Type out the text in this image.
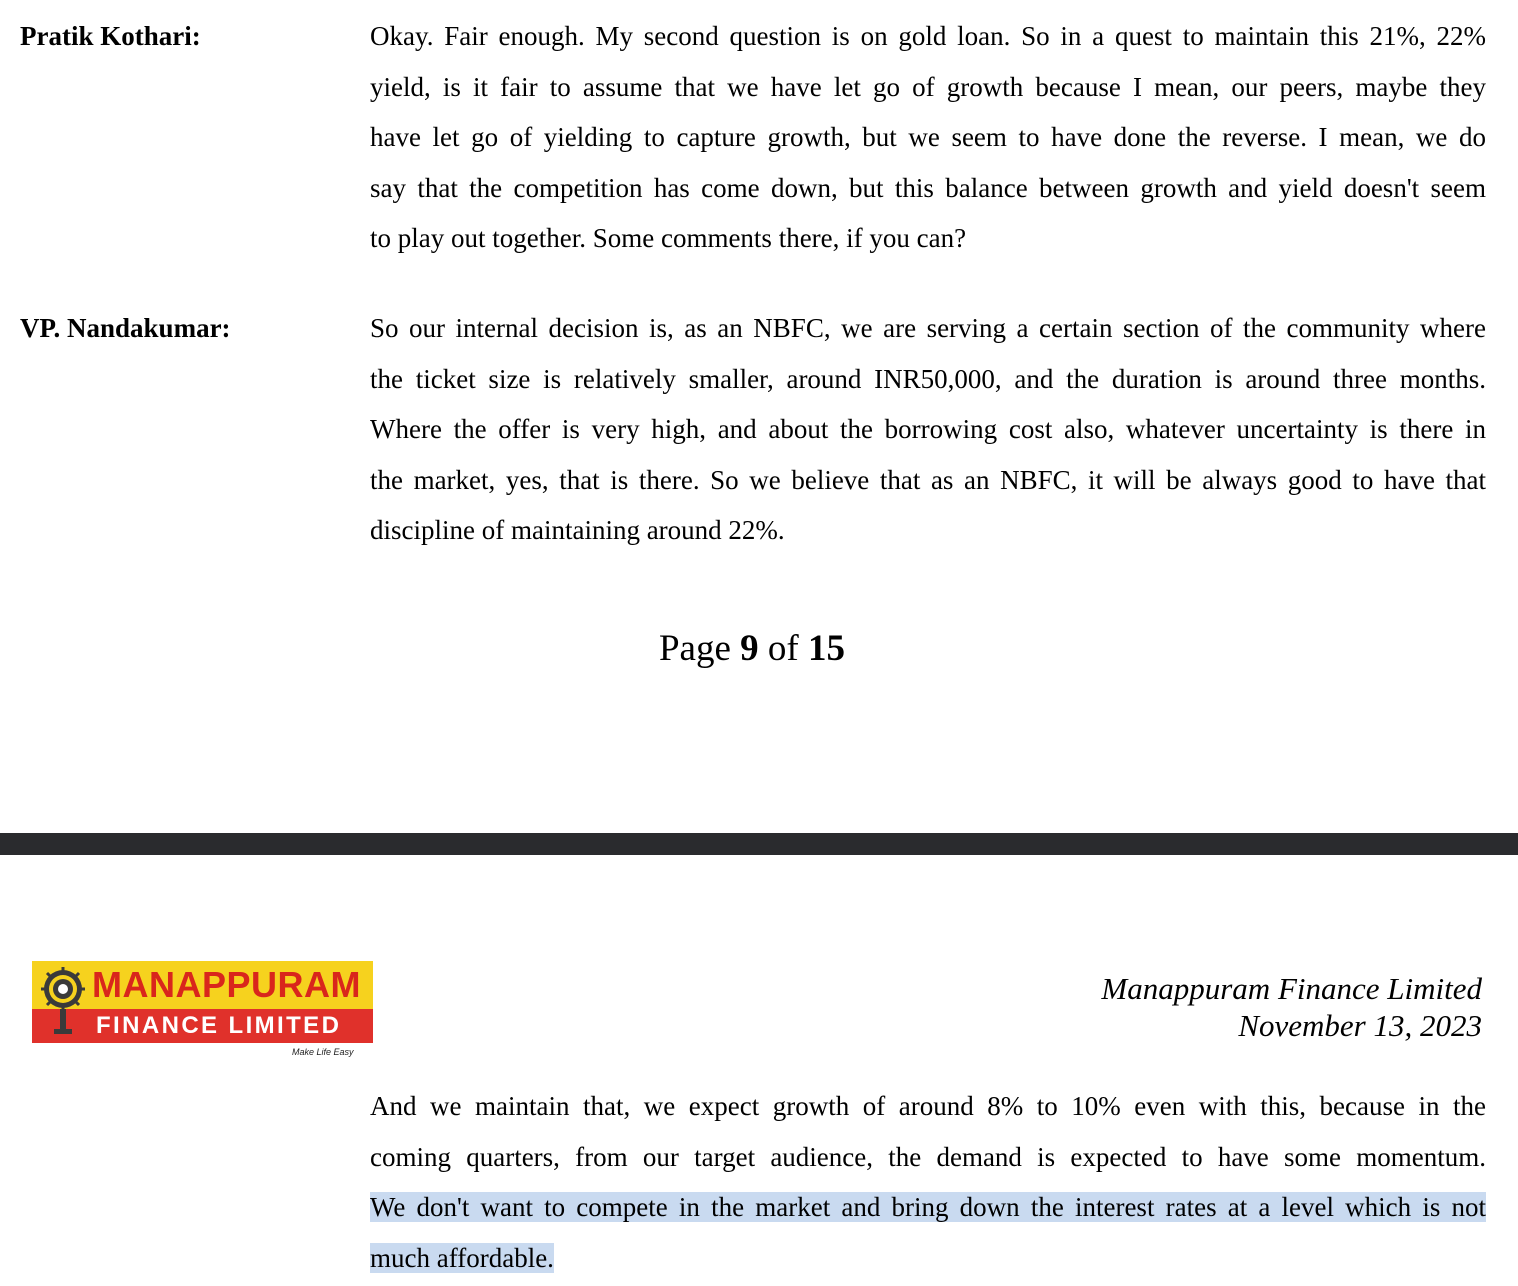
Pratik Kothari:	Okay. Fair enough. My second question is on gold loan. So in a quest to maintain this 21%, 22%
yield, is it fair to assume that we have let go of growth because I mean, our peers, maybe they
have let go of yielding to capture growth, but we seem to have done the reverse. I mean, we do
say that the competition has come down, but this balance between growth and yield doesn't seem
to play out together. Some comments there, if you can?
VP. Nandakumar:	So our internal decision is, as an NBFC, we are serving a certain section of the community where
the ticket size is relatively smaller, around INR50,000, and the duration is around three months.
Where the offer is very high, and about the borrowing cost also, whatever uncertainty is there in
the market, yes, that is there. So we believe that as an NBFC, it will be always good to have that
discipline of maintaining around 22%.
Page 9 of 15
MANAPPURAM
FINANCE LIMITED
Make Life Easy
Manappuram Finance Limited
November 13, 2023
And we maintain that, we expect growth of around 8% to 10% even with this, because in the
coming quarters, from our target audience, the demand is expected to have some momentum.
We don't want to compete in the market and bring down the interest rates at a level which is not
much affordable.
